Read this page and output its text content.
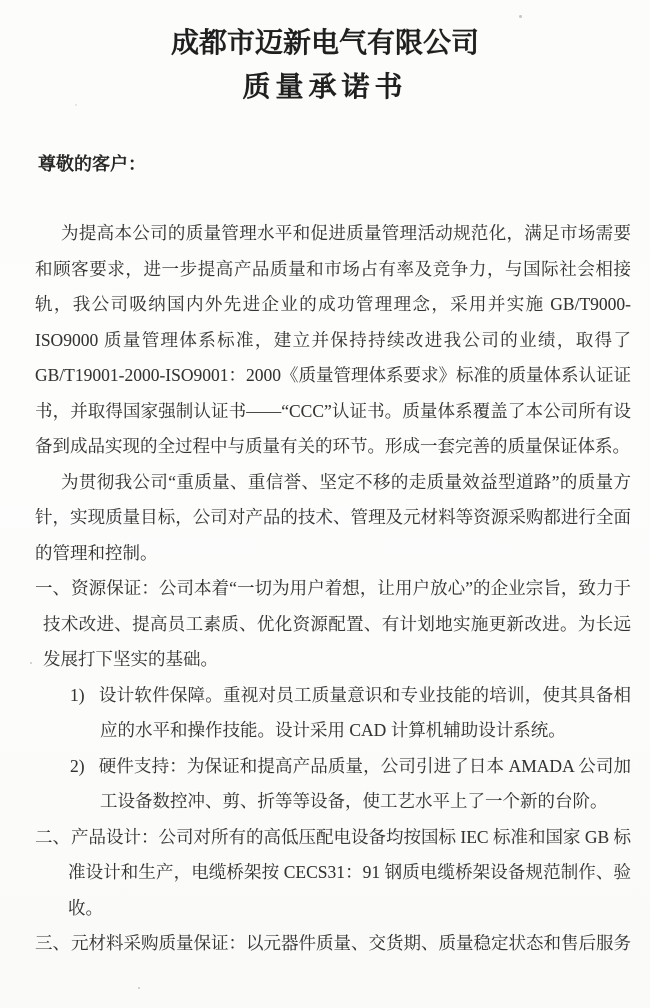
成都市迈新电气有限公司
质量承诺书

尊敬的客户：

为提高本公司的质量管理水平和促进质量管理活动规范化，满足市场需要和顾客要求，进一步提高产品质量和市场占有率及竞争力，与国际社会相接轨，我公司吸纳国内外先进企业的成功管理理念，采用并实施 GB/T9000-ISO9000 质量管理体系标准，建立并保持持续改进我公司的业绩，取得了GB/T19001-2000-ISO9001：2000《质量管理体系要求》标准的质量体系认证证书，并取得国家强制认证书——“CCC”认证书。质量体系覆盖了本公司所有设备到成品实现的全过程中与质量有关的环节。形成一套完善的质量保证体系。

为贯彻我公司“重质量、重信誉、坚定不移的走质量效益型道路”的质量方针，实现质量目标，公司对产品的技术、管理及元材料等资源采购都进行全面的管理和控制。

一、资源保证：公司本着“一切为用户着想，让用户放心”的企业宗旨，致力于技术改进、提高员工素质、优化资源配置、有计划地实施更新改进。为长远发展打下坚实的基础。
1) 设计软件保障。重视对员工质量意识和专业技能的培训，使其具备相应的水平和操作技能。设计采用 CAD 计算机辅助设计系统。
2) 硬件支持：为保证和提高产品质量，公司引进了日本 AMADA 公司加工设备数控冲、剪、折等等设备，使工艺水平上了一个新的台阶。
二、产品设计：公司对所有的高低压配电设备均按国标 IEC 标准和国家 GB 标准设计和生产，电缆桥架按 CECS31：91 钢质电缆桥架设备规范制作、验收。
三、元材料采购质量保证：以元器件质量、交货期、质量稳定状态和售后服务
